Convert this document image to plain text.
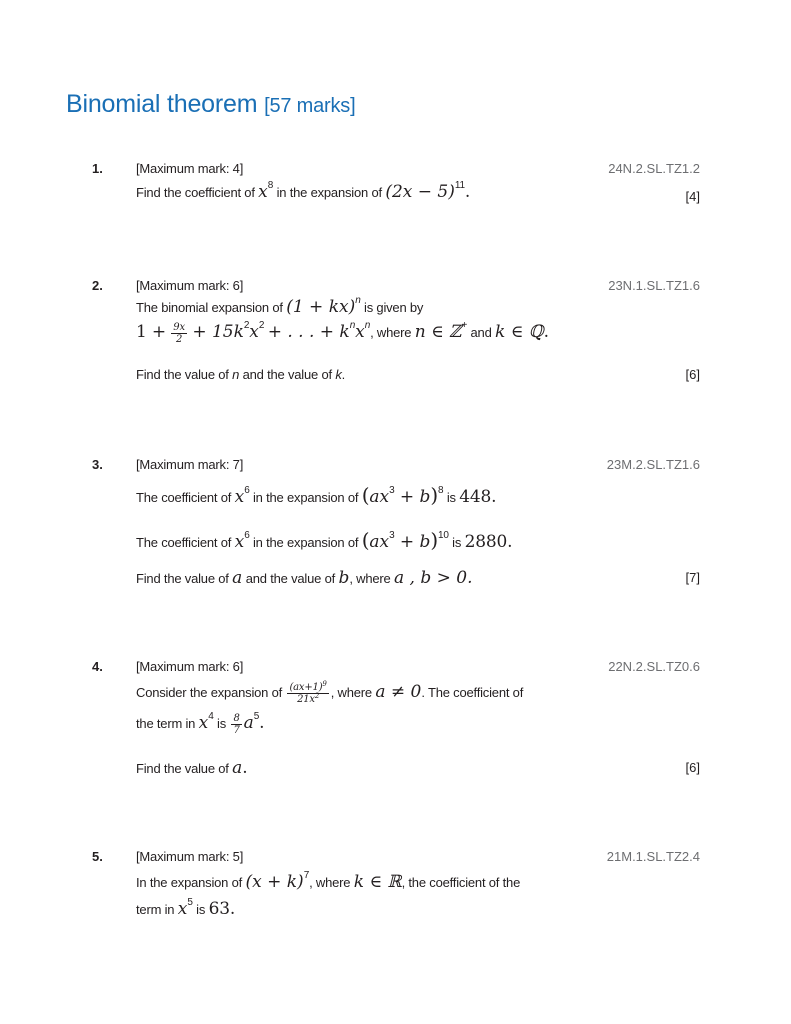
Binomial theorem [57 marks]
1.	[Maximum mark: 4]	24N.2.SL.TZ1.2
Find the coefficient of $x^8$ in the expansion of $(2x - 5)^{11}$.	[4]
2.	[Maximum mark: 6]	23N.1.SL.TZ1.6
The binomial expansion of (1 + kx)$^n$ is given by
$1 + \frac{9x}{2} + 15k^2x^2$ + . . . + $k^nx^n$, where n ∈ ℤ+ and k ∈ ℚ.
Find the value of n and the value of k.	[6]
3.	[Maximum mark: 7]	23M.2.SL.TZ1.6
The coefficient of $x^6$ in the expansion of $(ax^3 + b)^8$ is 448.
The coefficient of $x^6$ in the expansion of $(ax^3 + b)^{10}$ is 2880.
Find the value of a and the value of b, where a , b > 0.	[7]
4.	[Maximum mark: 6]	22N.2.SL.TZ0.6
Consider the expansion of $\frac{(ax+1)^9}{21x^2}$ , where a ≠ 0. The coefficient of
the term in $x^4$ is $\frac{8}{7} a^5$.
Find the value of a.	[6]
5.	[Maximum mark: 5]	21M.1.SL.TZ2.4
In the expansion of $(x + k)^7$, where k ∈ ℝ, the coefficient of the
term in $x^5$ is 63.
